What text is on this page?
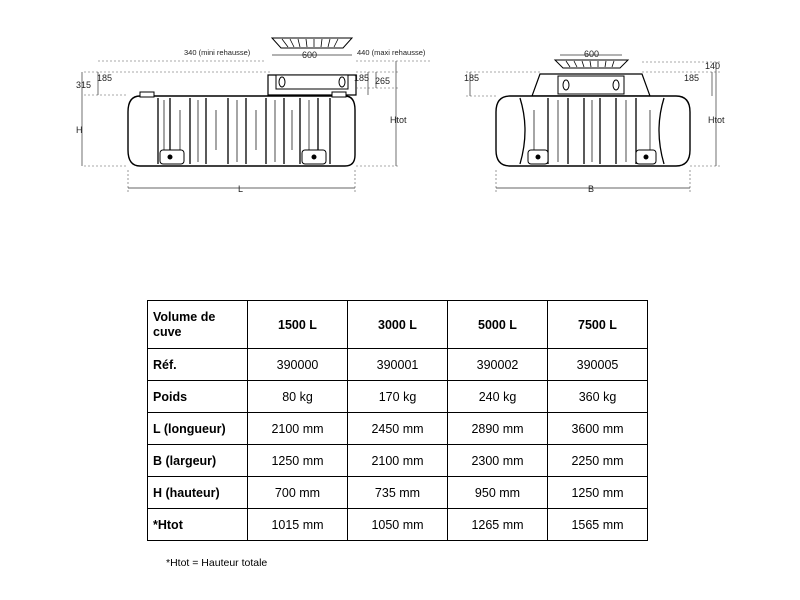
340 (mini rehausse)	440 (maxi rehausse)
600
315
185	185 265
H
Htot
L
600
185	185
140
Htot
B
Volume de
cuve	1500 L	3000 L	5000 L	7500 L
Réf.	390000	390001	390002	390005
Poids	80 kg	170 kg	240 kg	360 kg
L (longueur)	2100 mm	2450 mm	2890 mm	3600 mm
B (largeur)	1250 mm	2100 mm	2300 mm	2250 mm
H (hauteur)	700 mm	735 mm	950 mm	1250 mm
*Htot	1015 mm	1050 mm	1265 mm	1565 mm
*Htot = Hauteur totale
